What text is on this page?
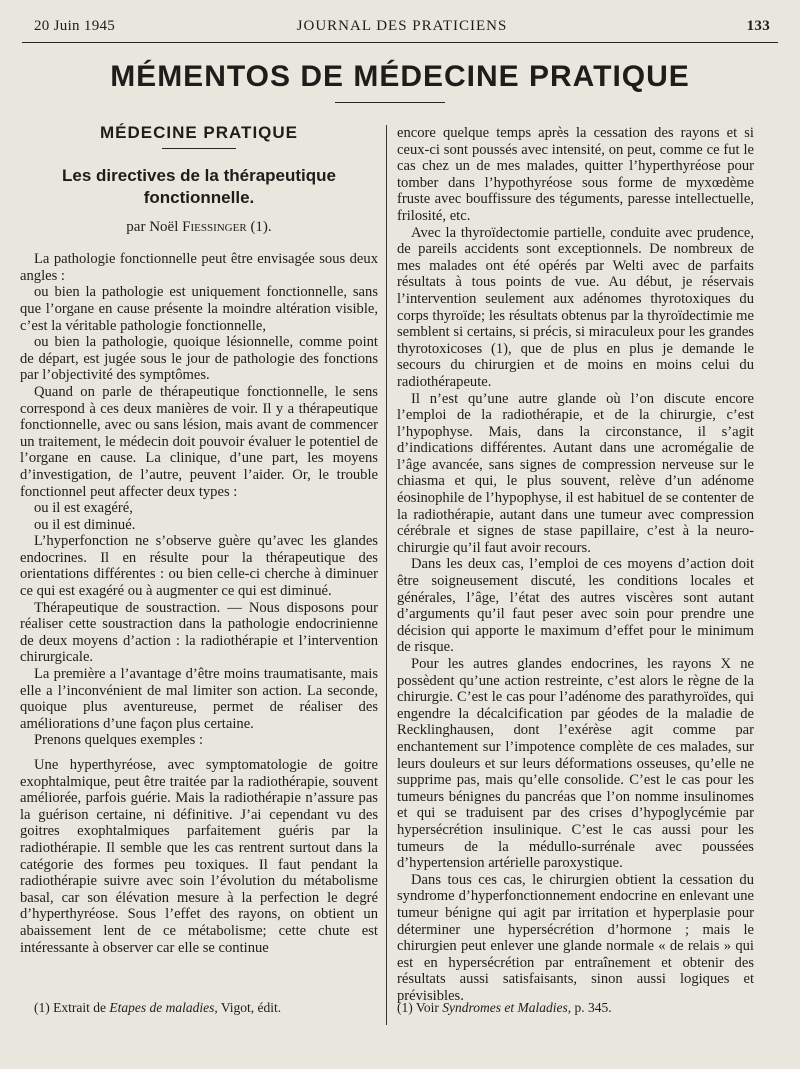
20 Juin 1945	JOURNAL DES PRATICIENS	133
MÉMENTOS DE MÉDECINE PRATIQUE
MÉDECINE PRATIQUE
Les directives de la thérapeutique fonctionnelle.
par Noël Fiessinger (1).

La pathologie fonctionnelle peut être envisagée sous deux angles :

ou bien la pathologie est uniquement fonctionnelle, sans que l’organe en cause présente la moindre altération visible, c’est la véritable pathologie fonctionnelle,

ou bien la pathologie, quoique lésionnelle, comme point de départ, est jugée sous le jour de pathologie des fonctions par l’objectivité des symptômes.

Quand on parle de thérapeutique fonctionnelle, le sens correspond à ces deux manières de voir. Il y a thérapeutique fonctionnelle, avec ou sans lésion, mais avant de commencer un traitement, le médecin doit pouvoir évaluer le potentiel de l’organe en cause. La clinique, d’une part, les moyens d’investigation, de l’autre, peuvent l’aider. Or, le trouble fonctionnel peut affecter deux types :

ou il est exagéré,

ou il est diminué.

L’hyperfonction ne s’observe guère qu’avec les glandes endocrines. Il en résulte pour la thérapeutique des orientations différentes : ou bien celle-ci cherche à diminuer ce qui est exagéré ou à augmenter ce qui est diminué.

Thérapeutique de soustraction. — Nous disposons pour réaliser cette soustraction dans la pathologie endocrinienne de deux moyens d’action : la radiothérapie et l’intervention chirurgicale.

La première a l’avantage d’être moins traumatisante, mais elle a l’inconvénient de mal limiter son action. La seconde, quoique plus aventureuse, permet de réaliser des améliorations d’une façon plus certaine.

Prenons quelques exemples :

Une hyperthyréose, avec symptomatologie de goitre exophtalmique, peut être traitée par la radiothérapie, souvent améliorée, parfois guérie. Mais la radiothérapie n’assure pas la guérison certaine, ni définitive. J’ai cependant vu des goitres exophtalmiques parfaitement guéris par la radiothérapie. Il semble que les cas rentrent surtout dans la catégorie des formes peu toxiques. Il faut pendant la radiothérapie suivre avec soin l’évolution du métabolisme basal, car son élévation mesure à la perfection le degré d’hyperthyréose. Sous l’effet des rayons, on obtient un abaissement lent de ce métabolisme; cette chute est intéressante à observer car elle se continue

encore quelque temps après la cessation des rayons et si ceux-ci sont poussés avec intensité, on peut, comme ce fut le cas chez un de mes malades, quitter l’hyperthyréose pour tomber dans l’hypothyréose sous forme de myxœdème fruste avec bouffissure des téguments, paresse intellectuelle, frilosité, etc.

Avec la thyroïdectomie partielle, conduite avec prudence, de pareils accidents sont exceptionnels. De nombreux de mes malades ont été opérés par Welti avec de parfaits résultats à tous points de vue. Au début, je réservais l’intervention seulement aux adénomes thyrotoxiques du corps thyroïde; les résultats obtenus par la thyroïdectimie me semblent si certains, si précis, si miraculeux pour les grandes thyrotoxicoses (1), que de plus en plus je demande le secours du chirurgien et de moins en moins celui du radiothérapeute.

Il n’est qu’une autre glande où l’on discute encore l’emploi de la radiothérapie, et de la chirurgie, c’est l’hypophyse. Mais, dans la circonstance, il s’agit d’indications différentes. Autant dans une acromégalie de l’âge avancée, sans signes de compression nerveuse sur le chiasma et qui, le plus souvent, relève d’un adénome éosinophile de l’hypophyse, il est habituel de se contenter de la radiothérapie, autant dans une tumeur avec compression cérébrale et signes de stase papillaire, c’est à la neuro-chirurgie qu’il faut avoir recours.

Dans les deux cas, l’emploi de ces moyens d’action doit être soigneusement discuté, les conditions locales et générales, l’âge, l’état des autres viscères sont autant d’arguments qu’il faut peser avec soin pour prendre une décision qui apporte le maximum d’effet pour le minimum de risque.

Pour les autres glandes endocrines, les rayons X ne possèdent qu’une action restreinte, c’est alors le règne de la chirurgie. C’est le cas pour l’adénome des parathyroïdes, qui engendre la décalcification par géodes de la maladie de Recklinghausen, dont l’exérèse agit comme par enchantement sur l’impotence complète de ces malades, sur leurs douleurs et sur leurs déformations osseuses, qu’elle ne supprime pas, mais qu’elle consolide. C’est le cas pour les tumeurs bénignes du pancréas que l’on nomme insulinomes et qui se traduisent par des crises d’hypoglycémie par hypersécrétion insulinique. C’est le cas aussi pour les tumeurs de la médullo-surrénale avec poussées d’hypertension artérielle paroxystique.

Dans tous ces cas, le chirurgien obtient la cessation du syndrome d’hyperfonctionnement endocrine en enlevant une tumeur bénigne qui agit par irritation et hyperplasie pour déterminer une hypersécrétion d’hormone ; mais le chirurgien peut enlever une glande normale « de relais » qui est en hypersécrétion par entraînement et obtenir des résultats aussi satisfaisants, sinon aussi logiques et prévisibles.

(1) Extrait de Etapes de maladies, Vigot, édit.	(1) Voir Syndromes et Maladies, p. 345.
